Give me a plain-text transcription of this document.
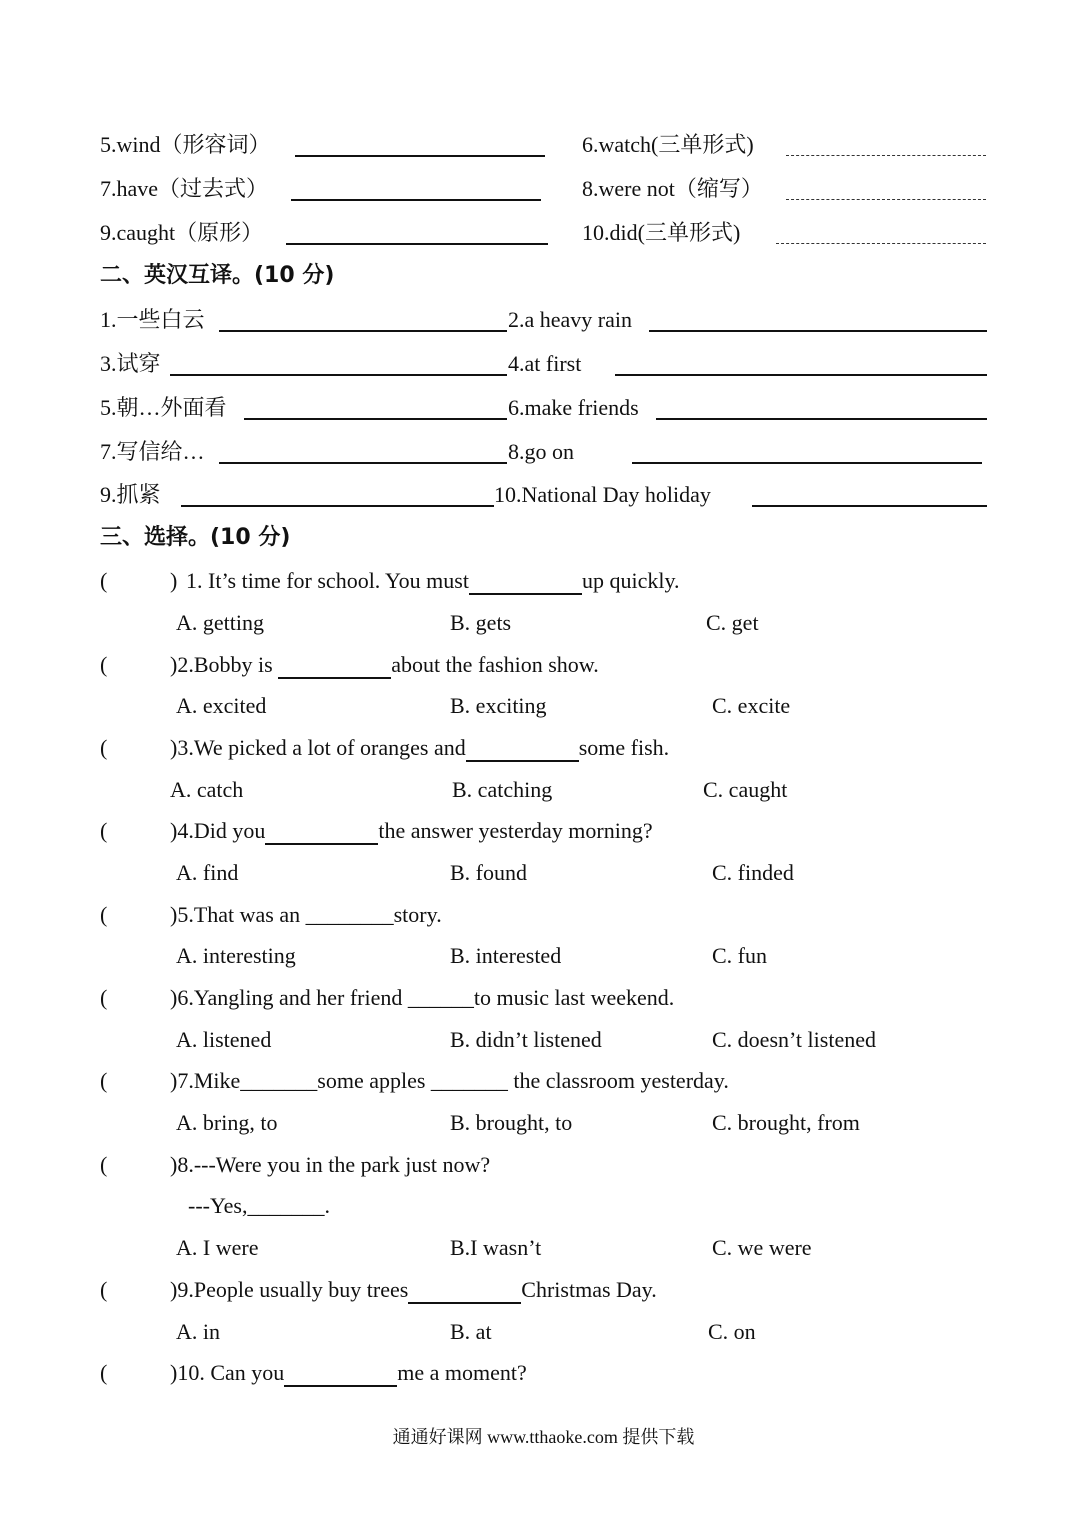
5.wind（形容词）	6.watch(三单形式)
7.have（过去式）	8.were not（缩写）
9.caught（原形）	10.did(三单形式)
二、英汉互译。(10 分)
1.一些白云	2.a heavy rain
3.试穿	4.at first
5.朝…外面看	6.make friends
7.写信给…	8.go on
9.抓紧	10.National Day holiday
三、选择。(10 分)
(	) 1. It’s time for school. You must	up quickly.
A. getting	B. gets	C. get
(	)2.Bobby is	about the fashion show.
A. excited	B. exciting	C. excite
(	)3.We picked a lot of oranges and	some fish.
A. catch	B. catching	C. caught
(	)4.Did you	the answer yesterday morning?
A. find	B. found	C. finded
(	)5.That was an ________story.
A. interesting	B. interested	C. fun
(	)6.Yangling and her friend ______to music last weekend.
A. listened	B. didn’t listened	C. doesn’t listened
(	)7.Mike_______some apples _______ the classroom yesterday.
A. bring, to	B. brought, to	C. brought, from
(	)8.---Were you in the park just now?
---Yes,_______.
A. I were	B.I wasn’t	C. we were
(	)9.People usually buy trees	Christmas Day.
A. in	B. at	C. on
(	)10. Can you	me a moment?
通通好课网 www.tthaoke.com 提供下载
